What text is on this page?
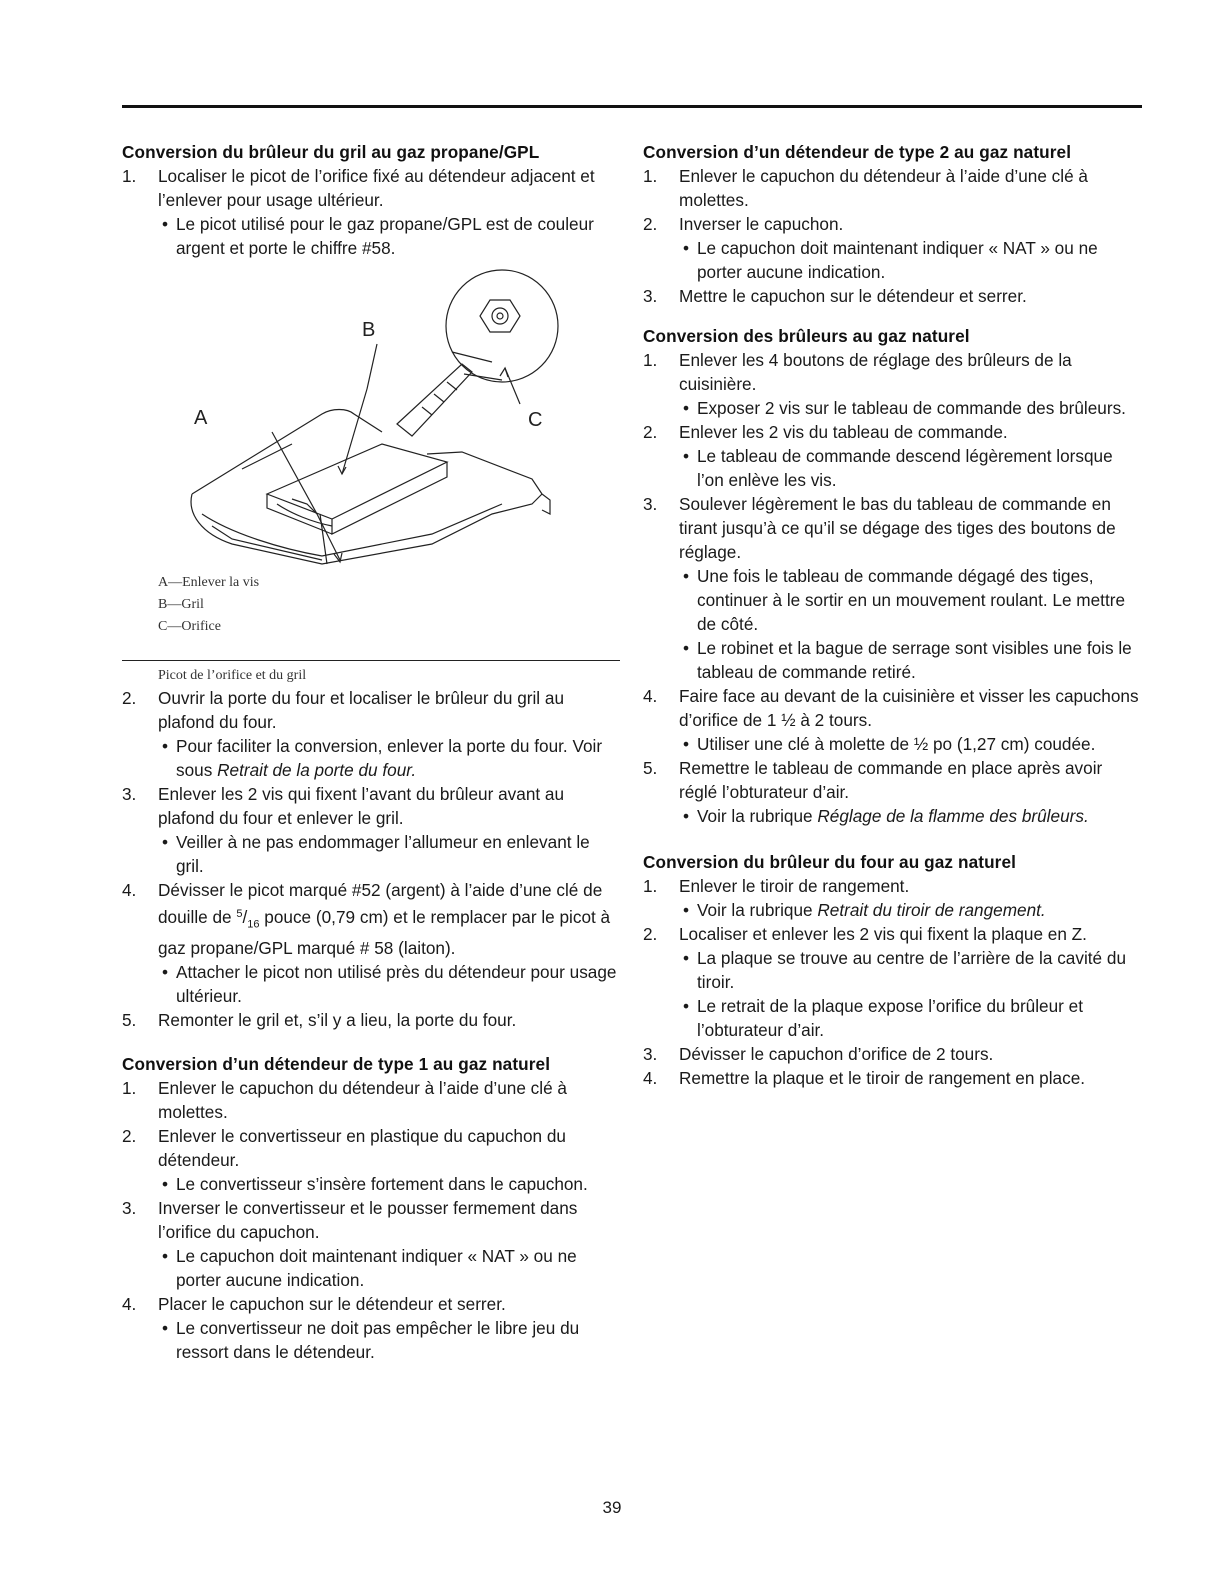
Conversion du brûleur du gril au gaz propane/GPL
1. Localiser le picot de l’orifice fixé au détendeur adjacent et l’enlever pour usage ultérieur.
• Le picot utilisé pour le gaz propane/GPL est de couleur argent et porte le chiffre #58.
B
A	C
A—Enlever la vis
B—Gril
C—Orifice
Picot de l’orifice et du gril
2. Ouvrir la porte du four et localiser le brûleur du gril au plafond du four.
• Pour faciliter la conversion, enlever la porte du four. Voir sous Retrait de la porte du four.
3. Enlever les 2 vis qui fixent l’avant du brûleur avant au plafond du four et enlever le gril.
• Veiller à ne pas endommager l’allumeur en enlevant le gril.
4. Dévisser le picot marqué #52 (argent) à l’aide d’une clé de douille de $^5/_{16}$ pouce (0,79 cm) et le remplacer par le picot à gaz propane/GPL marqué # 58 (laiton).
• Attacher le picot non utilisé près du détendeur pour usage ultérieur.
5. Remonter le gril et, s’il y a lieu, la porte du four.
Conversion d’un détendeur de type 1 au gaz naturel
1. Enlever le capuchon du détendeur à l’aide d’une clé à molettes.
2. Enlever le convertisseur en plastique du capuchon du détendeur.
• Le convertisseur s’insère fortement dans le capuchon.
3. Inverser le convertisseur et le pousser fermement dans l’orifice du capuchon.
• Le capuchon doit maintenant indiquer « NAT » ou ne porter aucune indication.
4. Placer le capuchon sur le détendeur et serrer.
• Le convertisseur ne doit pas empêcher le libre jeu du ressort dans le détendeur.
Conversion d’un détendeur de type 2 au gaz naturel
1. Enlever le capuchon du détendeur à l’aide d’une clé à molettes.
2. Inverser le capuchon.
• Le capuchon doit maintenant indiquer « NAT » ou ne porter aucune indication.
3. Mettre le capuchon sur le détendeur et serrer.
Conversion des brûleurs au gaz naturel
1. Enlever les 4 boutons de réglage des brûleurs de la cuisinière.
• Exposer 2 vis sur le tableau de commande des brûleurs.
2. Enlever les 2 vis du tableau de commande.
• Le tableau de commande descend légèrement lorsque l’on enlève les vis.
3. Soulever légèrement le bas du tableau de commande en tirant jusqu’à ce qu’il se dégage des tiges des boutons de réglage.
• Une fois le tableau de commande dégagé des tiges, continuer à le sortir en un mouvement roulant. Le mettre de côté.
• Le robinet et la bague de serrage sont visibles une fois le tableau de commande retiré.
4. Faire face au devant de la cuisinière et visser les capuchons d’orifice de 1 ½ à 2 tours.
• Utiliser une clé à molette de ½ po (1,27 cm) coudée.
5. Remettre le tableau de commande en place après avoir réglé l’obturateur d’air.
• Voir la rubrique Réglage de la flamme des brûleurs.
Conversion du brûleur du four au gaz naturel
1. Enlever le tiroir de rangement.
• Voir la rubrique Retrait du tiroir de rangement.
2. Localiser et enlever les 2 vis qui fixent la plaque en Z.
• La plaque se trouve au centre de l’arrière de la cavité du tiroir.
• Le retrait de la plaque expose l’orifice du brûleur et l’obturateur d’air.
3. Dévisser le capuchon d’orifice de 2 tours.
4. Remettre la plaque et le tiroir de rangement en place.
39
